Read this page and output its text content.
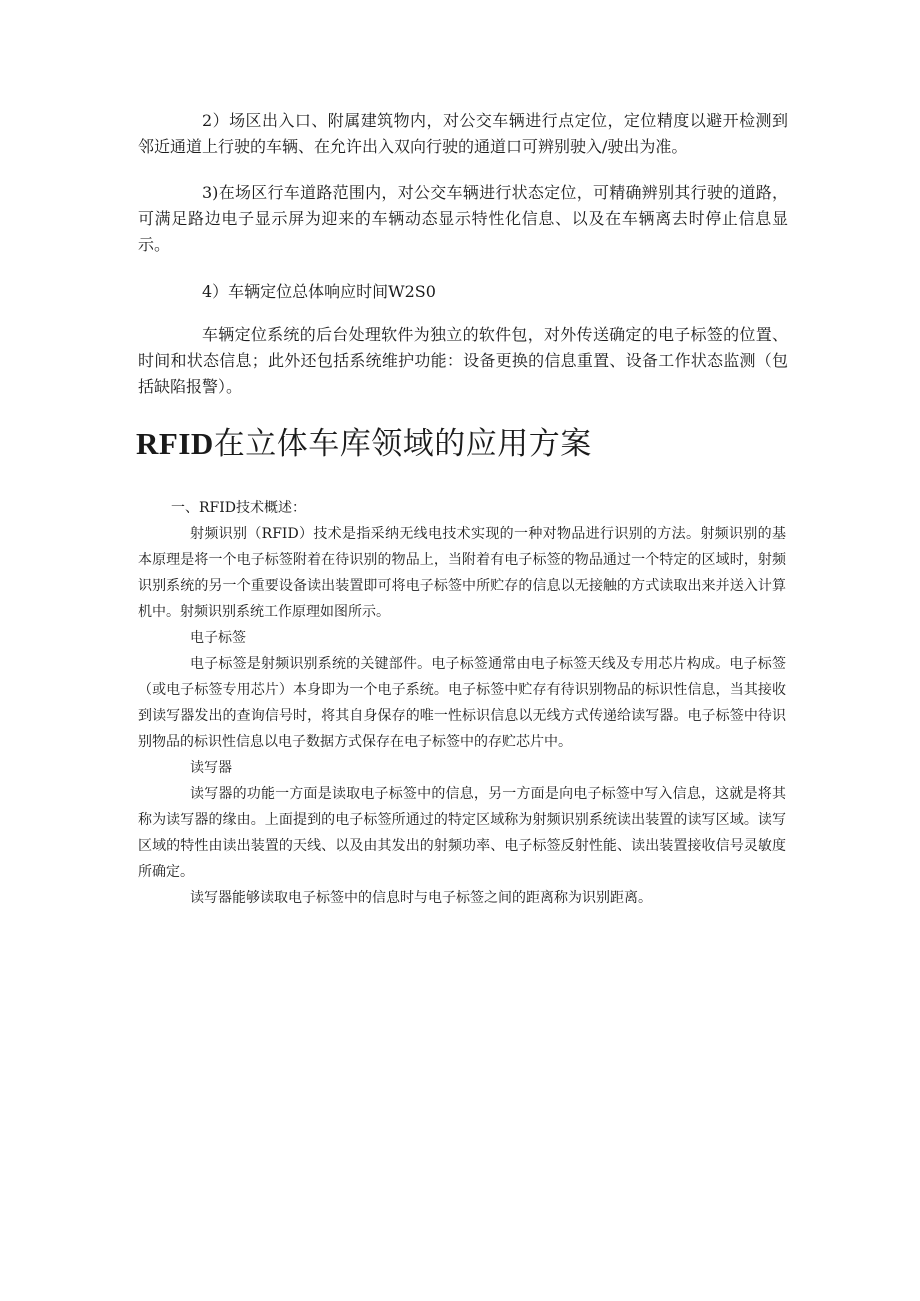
2）场区出入口、附属建筑物内，对公交车辆进行点定位，定位精度以避开检测到邻近通道上行驶的车辆、在允许出入双向行驶的通道口可辨别驶入/驶出为准。

3)在场区行车道路范围内，对公交车辆进行状态定位，可精确辨别其行驶的道路，可满足路边电子显示屏为迎来的车辆动态显示特性化信息、以及在车辆离去时停止信息显示。

4）车辆定位总体响应时间W2S0

车辆定位系统的后台处理软件为独立的软件包，对外传送确定的电子标签的位置、时间和状态信息；此外还包括系统维护功能：设备更换的信息重置、设备工作状态监测（包括缺陷报警）。

RFID在立体车库领域的应用方案

一、RFID技术概述：

射频识别（RFID）技术是指采纳无线电技术实现的一种对物品进行识别的方法。射频识别的基本原理是将一个电子标签附着在待识别的物品上，当附着有电子标签的物品通过一个特定的区域时，射频识别系统的另一个重要设备读出装置即可将电子标签中所贮存的信息以无接触的方式读取出来并送入计算机中。射频识别系统工作原理如图所示。

电子标签

电子标签是射频识别系统的关键部件。电子标签通常由电子标签天线及专用芯片构成。电子标签（或电子标签专用芯片）本身即为一个电子系统。电子标签中贮存有待识别物品的标识性信息，当其接收到读写器发出的查询信号时，将其自身保存的唯一性标识信息以无线方式传递给读写器。电子标签中待识别物品的标识性信息以电子数据方式保存在电子标签中的存贮芯片中。

读写器

读写器的功能一方面是读取电子标签中的信息，另一方面是向电子标签中写入信息，这就是将其称为读写器的缘由。上面提到的电子标签所通过的特定区域称为射频识别系统读出装置的读写区域。读写区域的特性由读出装置的天线、以及由其发出的射频功率、电子标签反射性能、读出装置接收信号灵敏度所确定。

读写器能够读取电子标签中的信息时与电子标签之间的距离称为识别距离。
